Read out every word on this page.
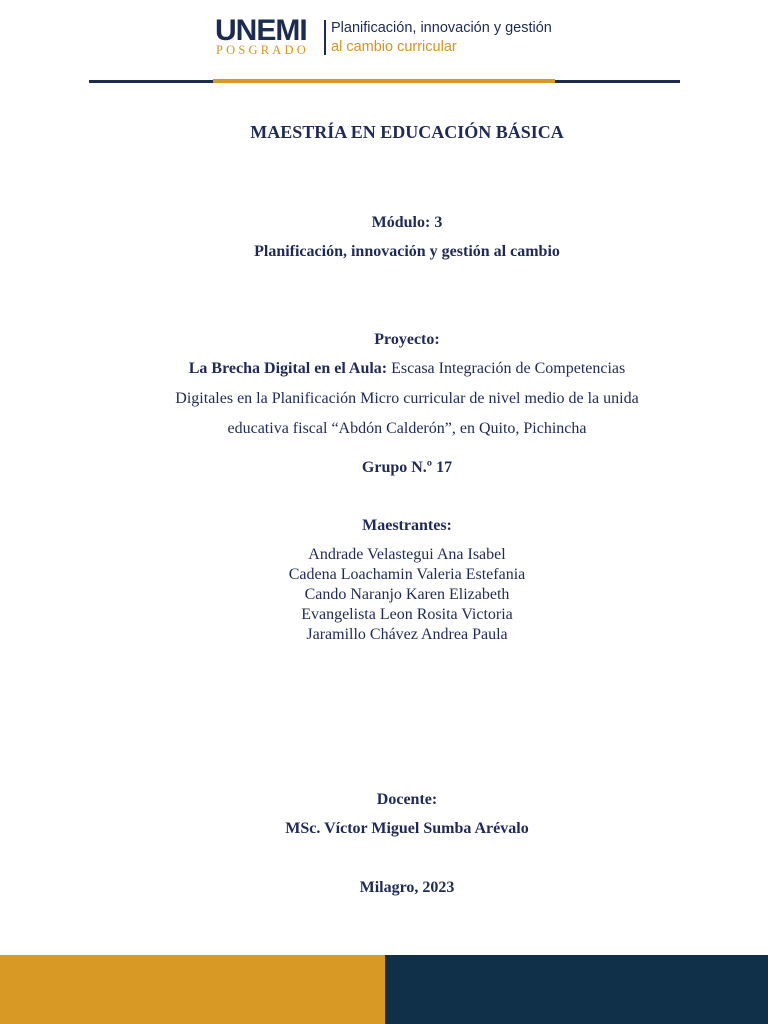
UNEMI
POSGRADO
Planificación, innovación y gestión
al cambio curricular
MAESTRÍA EN EDUCACIÓN BÁSICA
Módulo: 3
Planificación, innovación y gestión al cambio
Proyecto:
La Brecha Digital en el Aula: Escasa Integración de Competencias
Digitales en la Planificación Micro curricular de nivel medio de la unida
educativa fiscal “Abdón Calderón”, en Quito, Pichincha
Grupo N.º 17
Maestrantes:
Andrade Velastegui Ana Isabel
Cadena Loachamin Valeria Estefania
Cando Naranjo Karen Elizabeth
Evangelista Leon Rosita Victoria
Jaramillo Chávez Andrea Paula
Docente:
MSc. Víctor Miguel Sumba Arévalo
Milagro, 2023
